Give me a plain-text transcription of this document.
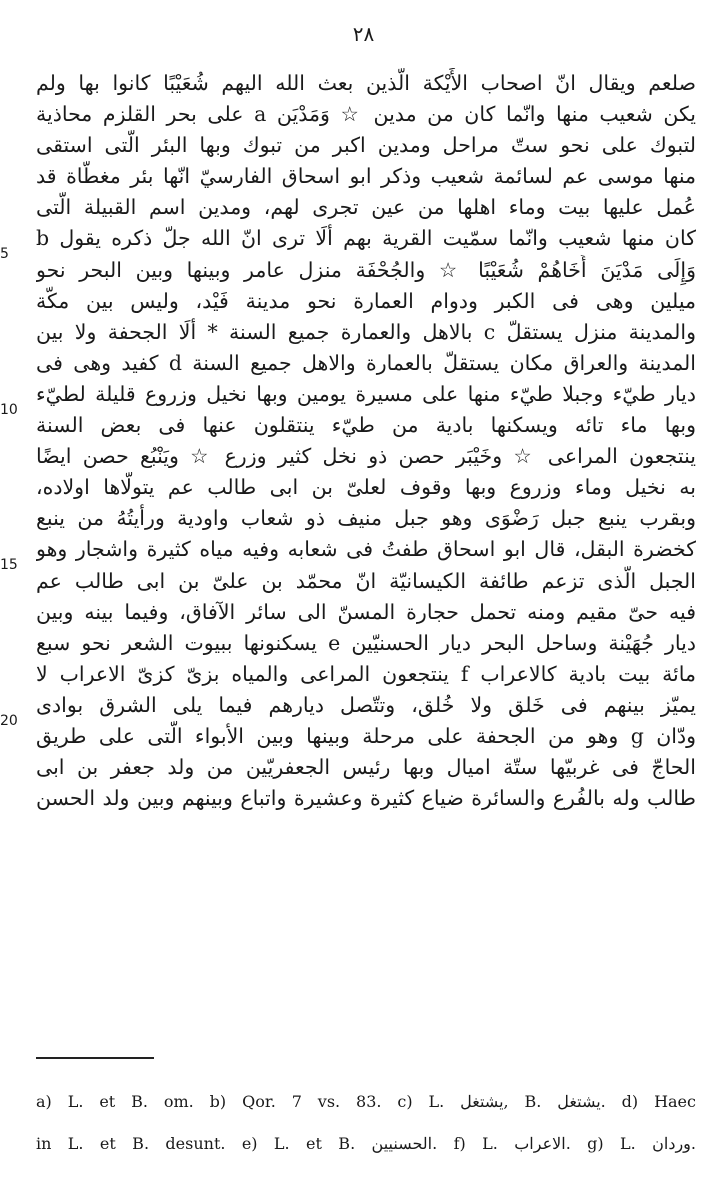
٢٨
صلعم ويقال انّ اصحاب الأَيْكة الّذين بعث الله اليهم شُعَيْبًا كانوا بها ولم
يكن شعيب منها وانّما كان من مدين ☆ وَمَدْيَن a على بحر القلزم محاذية
لتبوك على نحو ستّ مراحل ومدين اكبر من تبوك وبها البئر الّتى استقى
منها موسى عم لسائمة شعيب وذكر ابو اسحاق الفارسيّ انّها بئر مغطّاة قد
عُمل عليها بيت وماء اهلها من عين تجرى لهم، ومدين اسم القبيلة الّتى
كان منها شعيب وانّما سمّيت القرية بهم ألَا ترى انّ الله جلّ ذكره يقول b
وَإِلَى مَدْيَنَ أَخَاهُمْ شُعَيْبًا ☆ والجُحْفَة منزل عامر وبينها وبين البحر نحو
ميلين وهى فى الكبر ودوام العمارة نحو مدينة فَيْد، وليس بين مكّة
والمدينة منزل يستقلّ c بالاهل والعمارة جميع السنة * ألَا الجحفة ولا بين
المدينة والعراق مكان يستقلّ بالعمارة والاهل جميع السنة d كفيد وهى فى
ديار طيّء وجبلا طيّء منها على مسيرة يومين وبها نخيل وزروع قليلة لطيّء
وبها ماء تائه ويسكنها بادية من طيّء ينتقلون عنها فى بعض السنة
ينتجعون المراعى ☆ وخَيْبَر حصن ذو نخل كثير وزرع ☆ ويَنْبُع حصن ايضًا
به نخيل وماء وزروع وبها وقوف لعلىّ بن ابى طالب عم يتولّاها اولاده،
وبقرب ينبع جبل رَضْوَى وهو جبل منيف ذو شعاب واودية ورأيتُهُ من ينبع
كخضرة البقل، قال ابو اسحاق طفتُ فى شعابه وفيه مياه كثيرة واشجار وهو
الجبل الّذى تزعم طائفة الكيسانيّة انّ محمّد بن علىّ بن ابى طالب عم
فيه حىّ مقيم ومنه تحمل حجارة المسنّ الى سائر الآفاق، وفيما بينه وبين
ديار جُهَيْنة وساحل البحر ديار الحسنيّين e يسكنونها ببيوت الشعر نحو سبع
مائة بيت بادية كالاعراب f ينتجعون المراعى والمياه بزىّ كزىّ الاعراب لا
يميّز بينهم فى خَلق ولا خُلق، وتتّصل ديارهم فيما يلى الشرق بوادى
ودّان g وهو من الجحفة على مرحلة وبينها وبين الأبواء الّتى على طريق
الحاجّ فى غربيّها ستّة اميال وبها رئيس الجعفريّين من ولد جعفر بن ابى
طالب وله بالفُرع والسائرة ضياع كثيرة وعشيرة واتباع وبينهم وبين ولد الحسن
5
10
15
20
a) L. et B. om. b) Qor. 7 vs. 83. c) L. يشتغل, B. يشتغل. d) Haec
in L. et B. desunt. e) L. et B. الحسنيين. f) L. الاعراب. g) L. وردان.
